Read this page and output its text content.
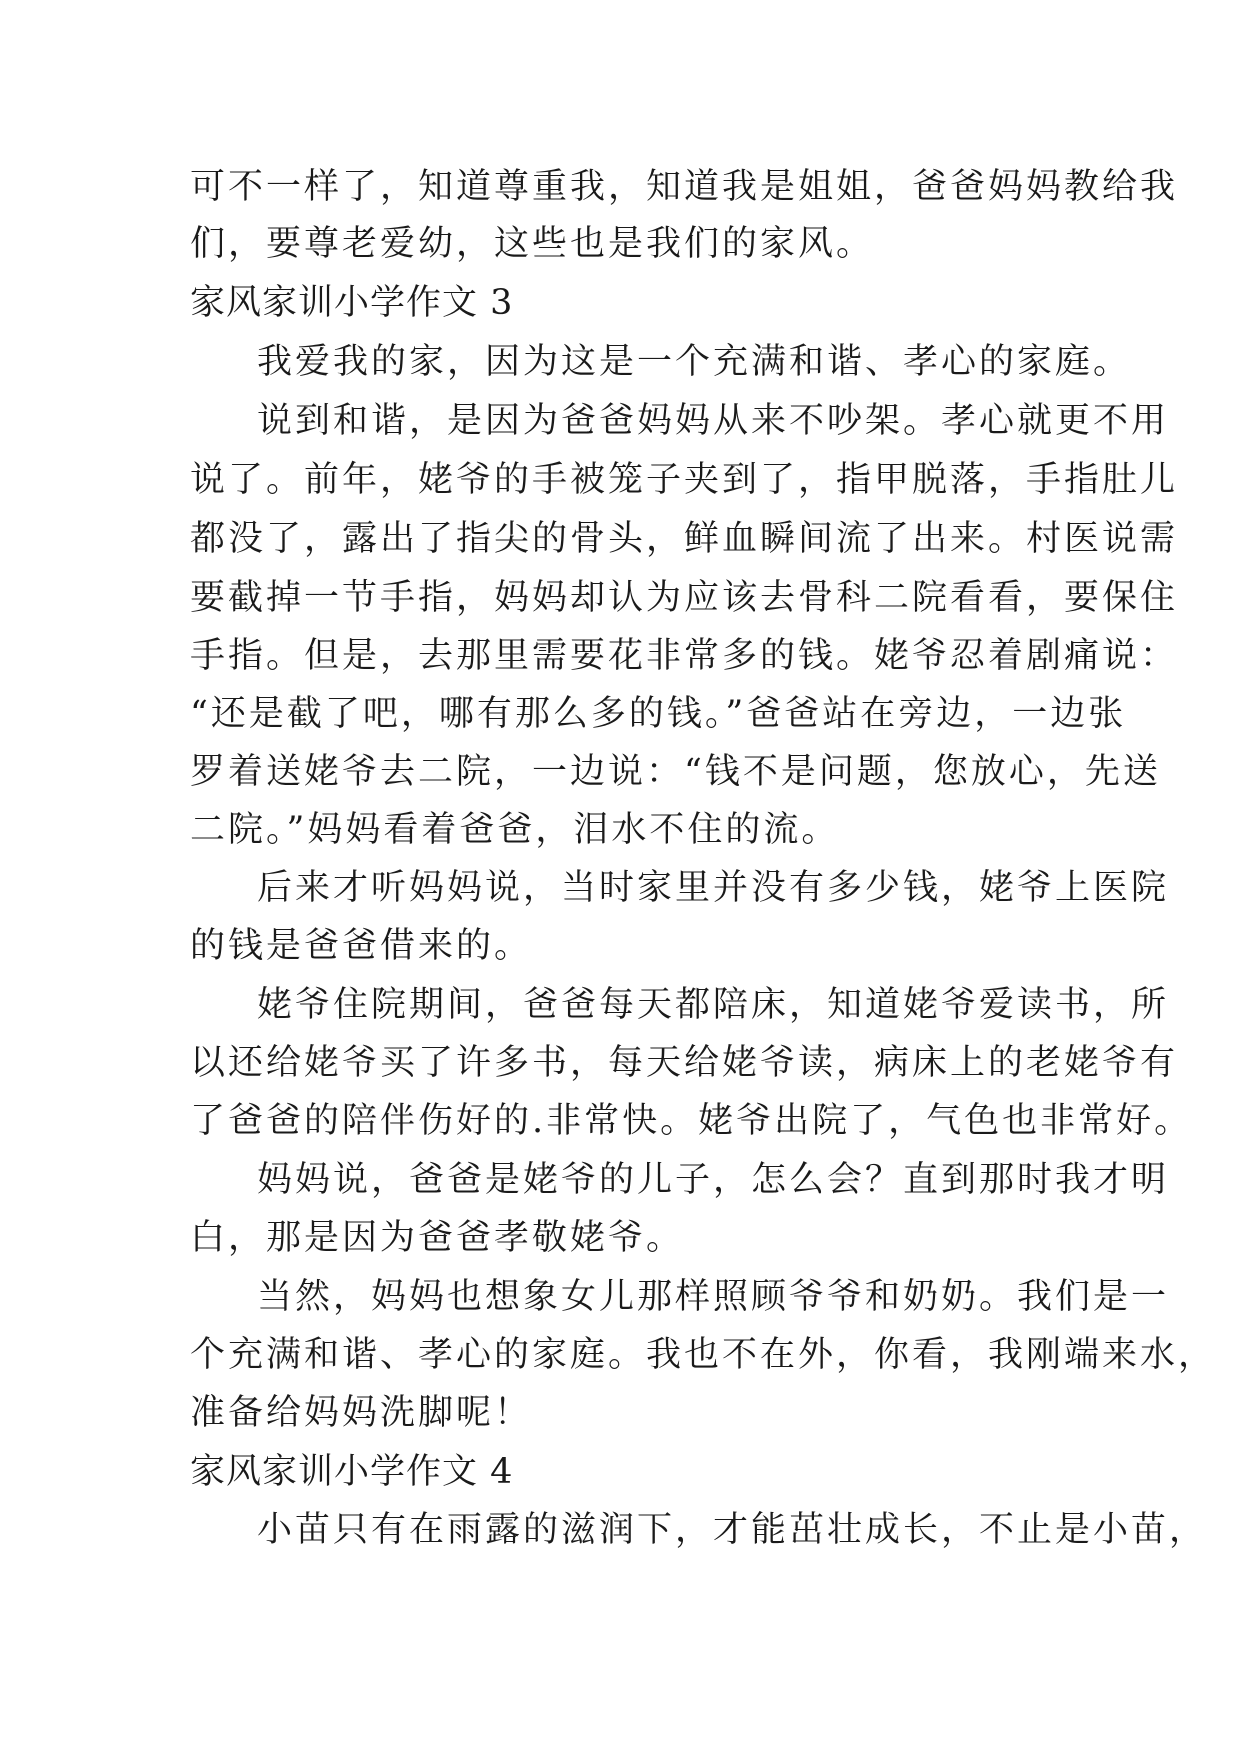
可不一样了，知道尊重我，知道我是姐姐，爸爸妈妈教给我
们，要尊老爱幼，这些也是我们的家风。
家风家训小学作文 3
我爱我的家，因为这是一个充满和谐、孝心的家庭。
说到和谐，是因为爸爸妈妈从来不吵架。孝心就更不用
说了。前年，姥爷的手被笼子夹到了，指甲脱落，手指肚儿
都没了，露出了指尖的骨头，鲜血瞬间流了出来。村医说需
要截掉一节手指，妈妈却认为应该去骨科二院看看，要保住
手指。但是，去那里需要花非常多的钱。姥爷忍着剧痛说：
“还是截了吧，哪有那么多的钱。”爸爸站在旁边，一边张
罗着送姥爷去二院，一边说：“钱不是问题，您放心，先送
二院。”妈妈看着爸爸，泪水不住的流。
后来才听妈妈说，当时家里并没有多少钱，姥爷上医院
的钱是爸爸借来的。
姥爷住院期间，爸爸每天都陪床，知道姥爷爱读书，所
以还给姥爷买了许多书，每天给姥爷读，病床上的老姥爷有
了爸爸的陪伴伤好的.非常快。姥爷出院了，气色也非常好。
妈妈说，爸爸是姥爷的儿子，怎么会？直到那时我才明
白，那是因为爸爸孝敬姥爷。
当然，妈妈也想象女儿那样照顾爷爷和奶奶。我们是一
个充满和谐、孝心的家庭。我也不在外，你看，我刚端来水，
准备给妈妈洗脚呢！
家风家训小学作文 4
小苗只有在雨露的滋润下，才能茁壮成长，不止是小苗，
